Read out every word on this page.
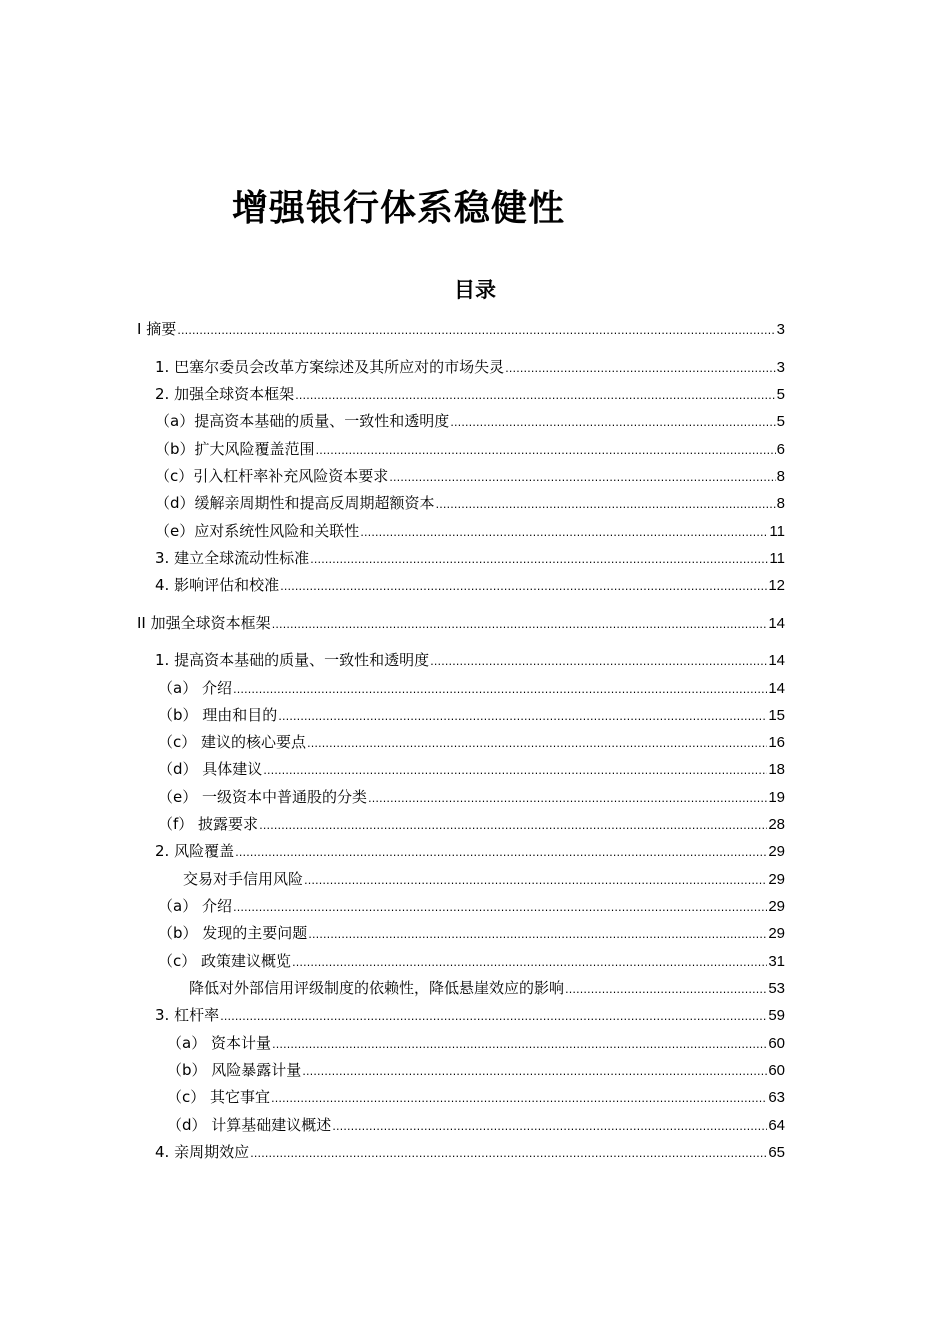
增强银行体系稳健性
目录
I 摘要 …………………………………………………………………………………………………………………………………………………………………………………………………………	3
1. 巴塞尔委员会改革方案综述及其所应对的市场失灵 …………………………………………………………………………………………………………………………………………………………………………………………………………	3
2. 加强全球资本框架 …………………………………………………………………………………………………………………………………………………………………………………………………………	5
（a）提高资本基础的质量、一致性和透明度 …………………………………………………………………………………………………………………………………………………………………………………………………………	5
（b）扩大风险覆盖范围 …………………………………………………………………………………………………………………………………………………………………………………………………………	6
（c）引入杠杆率补充风险资本要求 …………………………………………………………………………………………………………………………………………………………………………………………………………	8
（d）缓解亲周期性和提高反周期超额资本 …………………………………………………………………………………………………………………………………………………………………………………………………………	8
（e）应对系统性风险和关联性 …………………………………………………………………………………………………………………………………………………………………………………………………………	11
3. 建立全球流动性标准 …………………………………………………………………………………………………………………………………………………………………………………………………………	11
4. 影响评估和校准 …………………………………………………………………………………………………………………………………………………………………………………………………………	12
II 加强全球资本框架 …………………………………………………………………………………………………………………………………………………………………………………………………………	14
1. 提高资本基础的质量、一致性和透明度 …………………………………………………………………………………………………………………………………………………………………………………………………………	14
（a） 介绍 …………………………………………………………………………………………………………………………………………………………………………………………………………	14
（b） 理由和目的 …………………………………………………………………………………………………………………………………………………………………………………………………………	15
（c） 建议的核心要点 …………………………………………………………………………………………………………………………………………………………………………………………………………	16
（d） 具体建议 …………………………………………………………………………………………………………………………………………………………………………………………………………	18
（e） 一级资本中普通股的分类 …………………………………………………………………………………………………………………………………………………………………………………………………………	19
（f） 披露要求 …………………………………………………………………………………………………………………………………………………………………………………………………………	28
2. 风险覆盖 …………………………………………………………………………………………………………………………………………………………………………………………………………	29
交易对手信用风险 …………………………………………………………………………………………………………………………………………………………………………………………………………	29
（a） 介绍 …………………………………………………………………………………………………………………………………………………………………………………………………………	29
（b） 发现的主要问题 …………………………………………………………………………………………………………………………………………………………………………………………………………	29
（c） 政策建议概览 …………………………………………………………………………………………………………………………………………………………………………………………………………	31
降低对外部信用评级制度的依赖性，降低悬崖效应的影响 …………………………………………………………………………………………………………………………………………………………………………………………………………	53
3. 杠杆率 …………………………………………………………………………………………………………………………………………………………………………………………………………	59
（a） 资本计量 …………………………………………………………………………………………………………………………………………………………………………………………………………	60
（b） 风险暴露计量 …………………………………………………………………………………………………………………………………………………………………………………………………………	60
（c） 其它事宜 …………………………………………………………………………………………………………………………………………………………………………………………………………	63
（d） 计算基础建议概述 …………………………………………………………………………………………………………………………………………………………………………………………………………	64
4. 亲周期效应 …………………………………………………………………………………………………………………………………………………………………………………………………………	65
